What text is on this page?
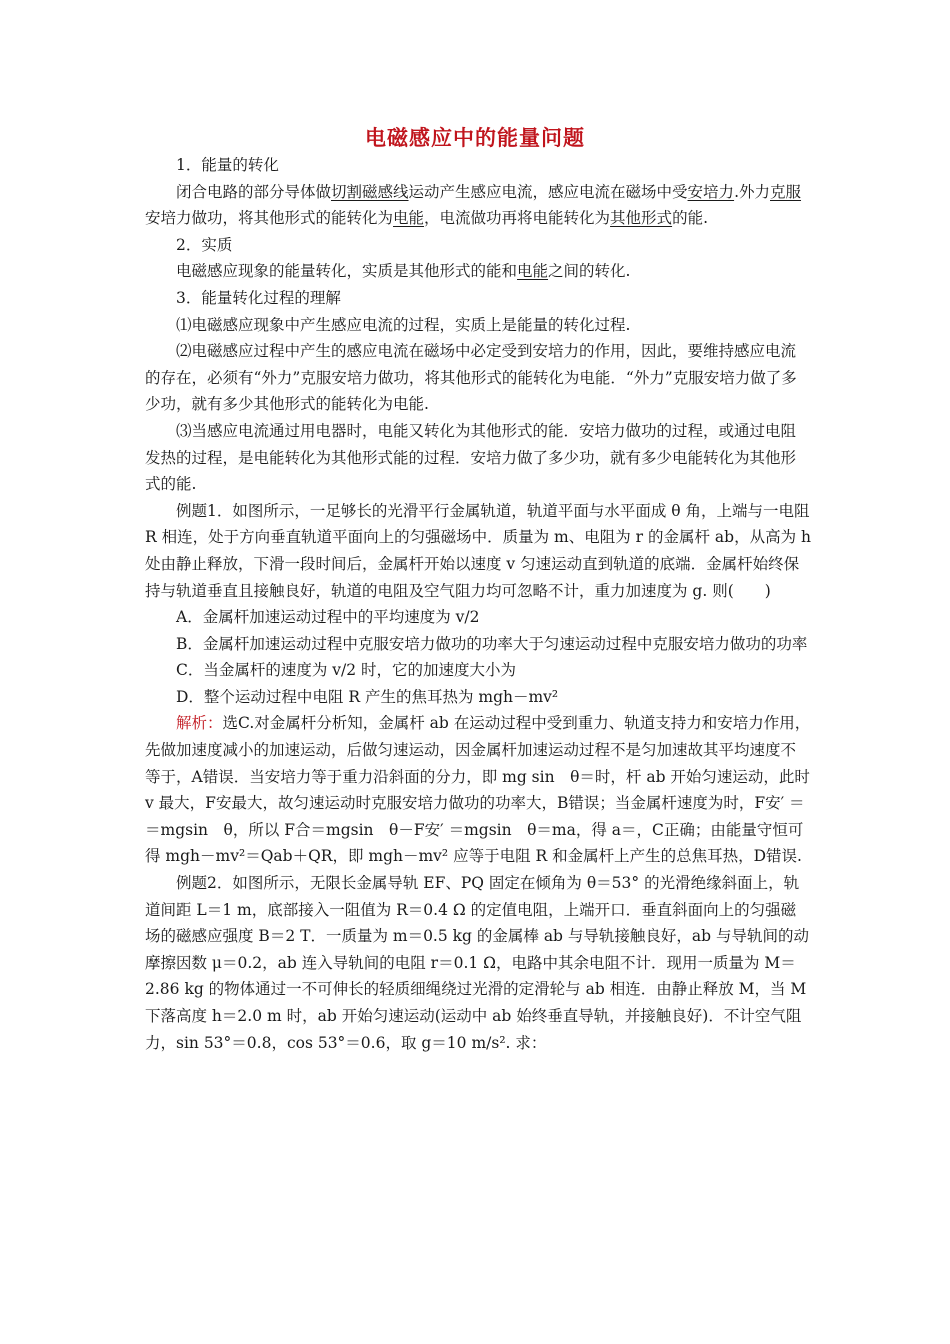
电磁感应中的能量问题

1．能量的转化

闭合电路的部分导体做切割磁感线运动产生感应电流，感应电流在磁场中受安培力.外力克服安培力做功，将其他形式的能转化为电能，电流做功再将电能转化为其他形式的能.

2．实质

电磁感应现象的能量转化，实质是其他形式的能和电能之间的转化.

3．能量转化过程的理解

⑴电磁感应现象中产生感应电流的过程，实质上是能量的转化过程.

⑵电磁感应过程中产生的感应电流在磁场中必定受到安培力的作用，因此，要维持感应电流的存在，必须有“外力”克服安培力做功，将其他形式的能转化为电能．“外力”克服安培力做了多少功，就有多少其他形式的能转化为电能.

⑶当感应电流通过用电器时，电能又转化为其他形式的能．安培力做功的过程，或通过电阻发热的过程，是电能转化为其他形式能的过程．安培力做了多少功，就有多少电能转化为其他形式的能.

例题1．如图所示，一足够长的光滑平行金属轨道，轨道平面与水平面成 θ 角，上端与一电阻 R 相连，处于方向垂直轨道平面向上的匀强磁场中．质量为 m、电阻为 r 的金属杆 ab，从高为 h 处由静止释放，下滑一段时间后，金属杆开始以速度 v 匀速运动直到轨道的底端．金属杆始终保持与轨道垂直且接触良好，轨道的电阻及空气阻力均可忽略不计，重力加速度为 g. 则(　　)

A．金属杆加速运动过程中的平均速度为 v/2

B．金属杆加速运动过程中克服安培力做功的功率大于匀速运动过程中克服安培力做功的功率

C．当金属杆的速度为 v/2 时，它的加速度大小为

D．整个运动过程中电阻 R 产生的焦耳热为 mgh－mv²

解析：选C.对金属杆分析知，金属杆 ab 在运动过程中受到重力、轨道支持力和安培力作用，先做加速度减小的加速运动，后做匀速运动，因金属杆加速运动过程不是匀加速故其平均速度不等于，A错误．当安培力等于重力沿斜面的分力，即 mg sin　θ＝时，杆 ab 开始匀速运动，此时 v 最大，F安最大，故匀速运动时克服安培力做功的功率大，B错误；当金属杆速度为时，F安′ ＝＝mgsin　θ，所以 F合＝mgsin　θ－F安′ ＝mgsin　θ＝ma，得 a＝，C正确；由能量守恒可得 mgh－mv²＝Qab＋QR，即 mgh－mv² 应等于电阻 R 和金属杆上产生的总焦耳热，D错误.

例题2．如图所示，无限长金属导轨 EF、PQ 固定在倾角为 θ＝53° 的光滑绝缘斜面上，轨道间距 L＝1 m，底部接入一阻值为 R＝0.4 Ω 的定值电阻，上端开口．垂直斜面向上的匀强磁场的磁感应强度 B＝2 T．一质量为 m＝0.5 kg 的金属棒 ab 与导轨接触良好，ab 与导轨间的动摩擦因数 μ＝0.2，ab 连入导轨间的电阻 r＝0.1 Ω，电路中其余电阻不计．现用一质量为 M＝2.86 kg 的物体通过一不可伸长的轻质细绳绕过光滑的定滑轮与 ab 相连．由静止释放 M，当 M 下落高度 h＝2.0 m 时，ab 开始匀速运动(运动中 ab 始终垂直导轨，并接触良好)．不计空气阻力，sin 53°＝0.8，cos 53°＝0.6，取 g＝10 m/s². 求：
